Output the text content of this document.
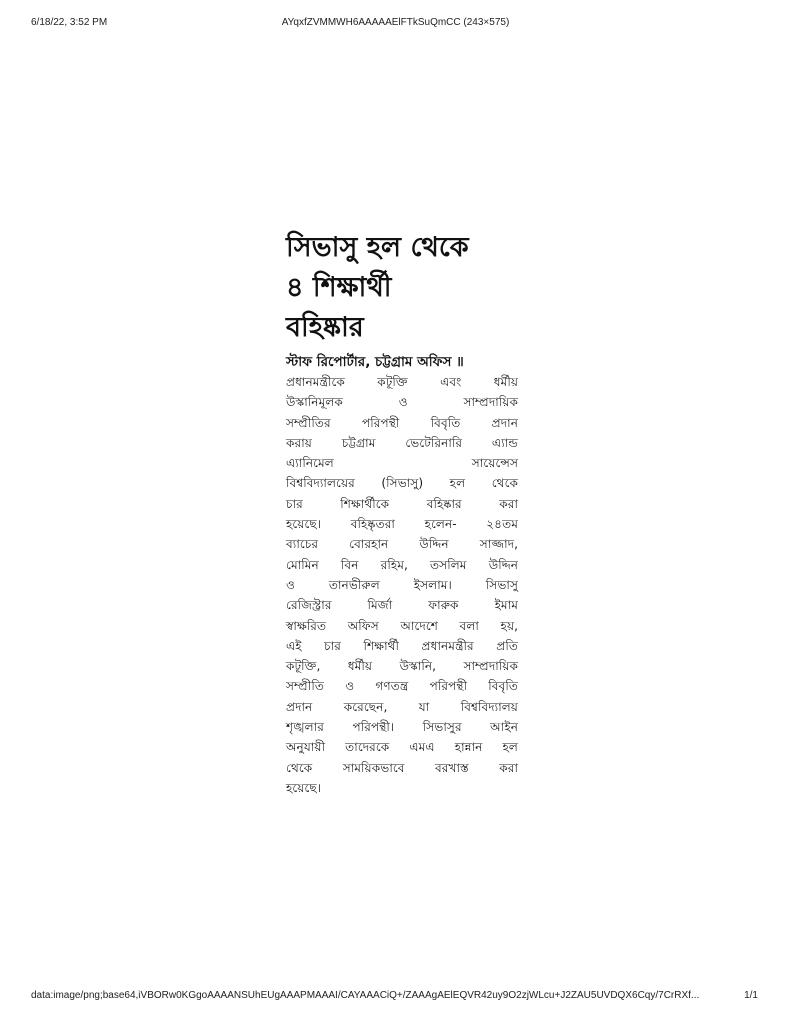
6/18/22, 3:52 PM	AYqxfZVMMWH6AAAAAElFTkSuQmCC (243×575)
সিভাসু হল থেকে
৪ শিক্ষার্থী
বহিষ্কার
স্টাফ রিপোর্টার, চট্টগ্রাম অফিস ॥
প্রধানমন্ত্রীকে কটূক্তি এবং ধর্মীয়
উস্কানিমূলক ও সাম্প্রদায়িক
সম্প্রীতির পরিপন্থী বিবৃতি প্রদান
করায় চট্টগ্রাম ভেটেরিনারি এ্যান্ড
এ্যানিমেল সায়েন্সেস
বিশ্ববিদ্যালয়ের (সিভাসু) হল থেকে
চার শিক্ষার্থীকে বহিষ্কার করা
হয়েছে। বহিষ্কৃতরা হলেন- ২৪তম
ব্যাচের বোরহান উদ্দিন সাজ্জাদ,
মোমিন বিন রহিম, তসলিম উদ্দিন
ও তানভীরুল ইসলাম। সিভাসু
রেজিস্ট্রার মির্জা ফারুক ইমাম
স্বাক্ষরিত অফিস আদেশে বলা হয়,
এই চার শিক্ষার্থী প্রধানমন্ত্রীর প্রতি
কটূক্তি, ধর্মীয় উস্কানি, সাম্প্রদায়িক
সম্প্রীতি ও গণতন্ত্র পরিপন্থী বিবৃতি
প্রদান করেছেন, যা বিশ্ববিদ্যালয়
শৃঙ্খলার পরিপন্থী। সিভাসুর আইন
অনুযায়ী তাদেরকে এমএ হান্নান হল
থেকে সাময়িকভাবে বরখাস্ত করা
হয়েছে।
data:image/png;base64,iVBORw0KGgoAAAANSUhEUgAAAPMAAAI/CAYAAACiQ+/ZAAAgAElEQVR42uy9O2zjWLcu+J2ZAU5UVDQX6Cqy/7CrRXf...	1/1
